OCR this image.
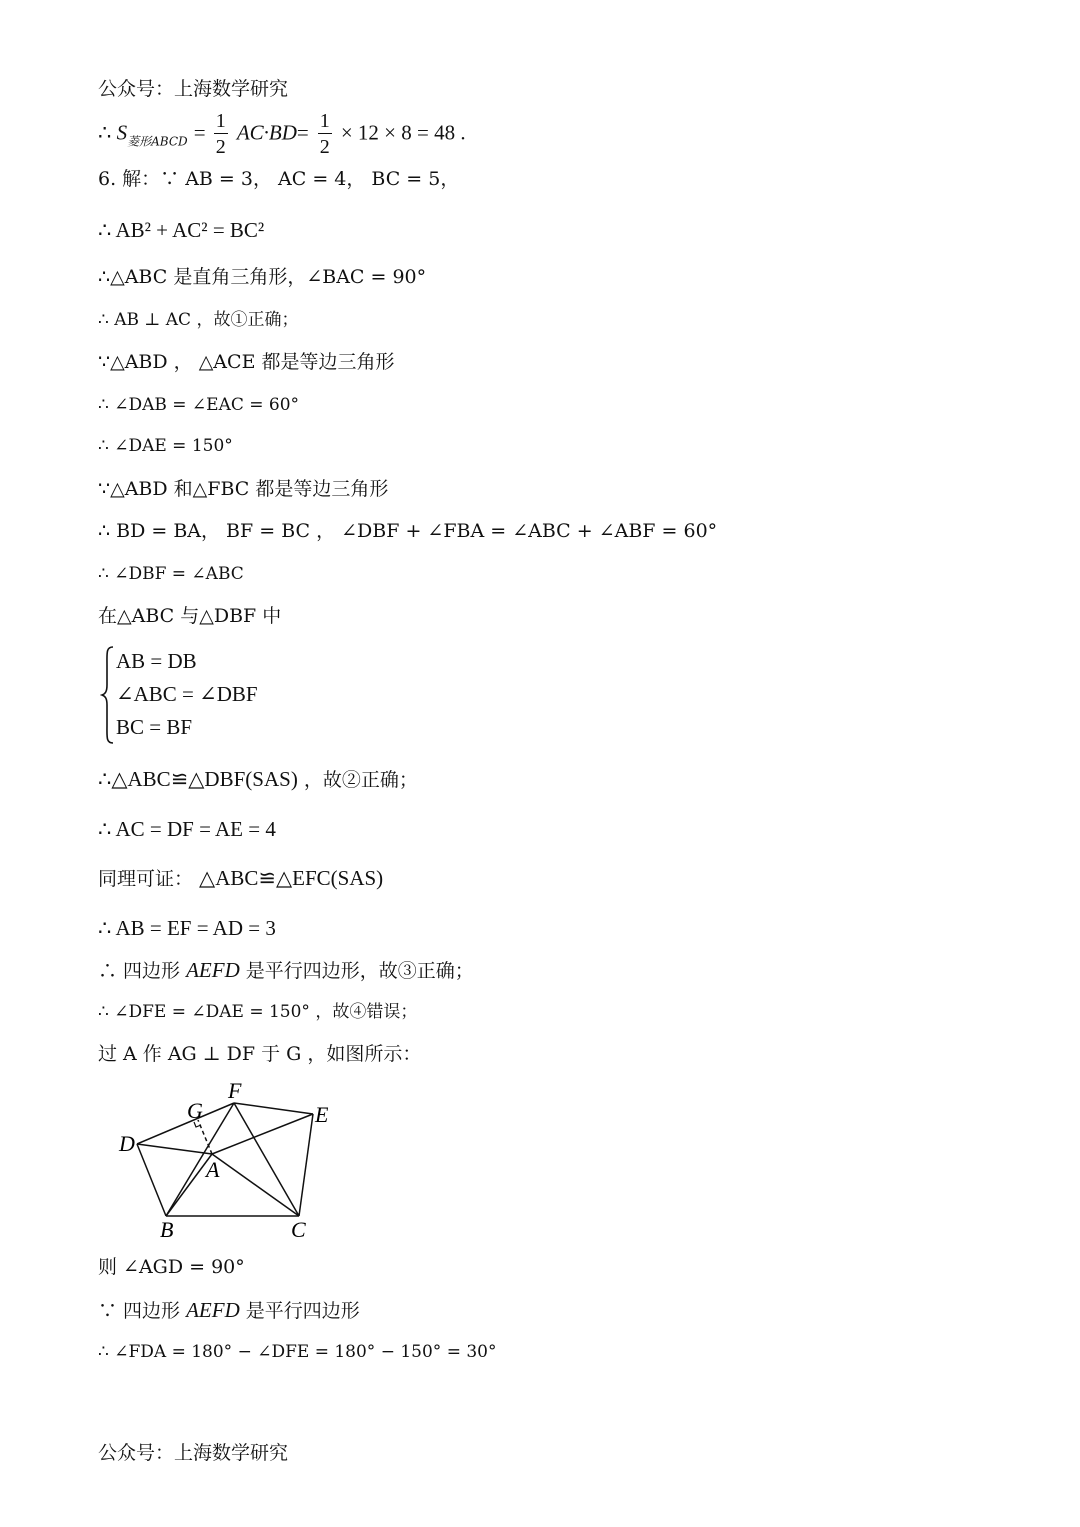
公众号：上海数学研究
∴ $S_{菱形ABCD} = \frac{1}{2} AC\cdot BD= \frac{1}{2} \times 12 \times 8 = 48$ .
6. 解：∵ AB = 3， AC = 4， BC = 5，
∴ AB² + AC² = BC²
∴△ABC 是直角三角形，∠BAC = 90°
∴ AB ⊥ AC ，故①正确；
∵△ABD ， △ACE 都是等边三角形
∴ ∠DAB = ∠EAC = 60°
∴ ∠DAE = 150°
∵△ABD 和△FBC 都是等边三角形
∴ BD = BA， BF = BC ， ∠DBF + ∠FBA = ∠ABC + ∠ABF = 60°
∴ ∠DBF = ∠ABC
在△ABC 与△DBF 中
AB = DB
∠ABC = ∠DBF
BC = BF
∴△ABC≌△DBF(SAS) ，故②正确；
∴ AC = DF = AE = 4
同理可证： △ABC≌△EFC(SAS)
∴ AB = EF = AD = 3
∴ 四边形 AEFD 是平行四边形，故③正确；
∴ ∠DFE = ∠DAE = 150° ，故④错误；
过 A 作 AG ⊥ DF 于 G ，如图所示：
F
G	E
D
A
B	C
则 ∠AGD = 90°
∵ 四边形 AEFD 是平行四边形
∴ ∠FDA = 180° − ∠DFE = 180° − 150° = 30°
公众号：上海数学研究
